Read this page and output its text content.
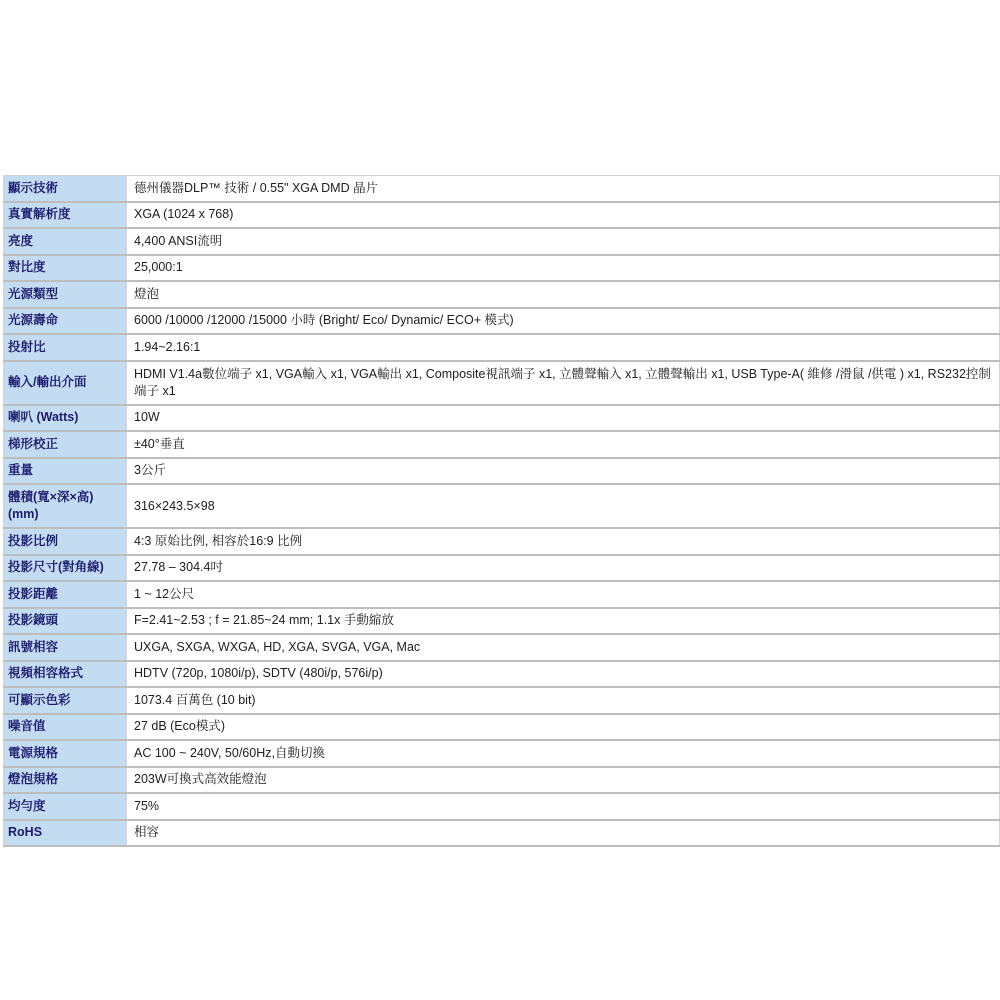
顯示技術	德州儀器DLP™ 技術 / 0.55" XGA DMD 晶片
真實解析度	XGA (1024 x 768)
亮度	4,400 ANSI流明
對比度	25,000:1
光源類型	燈泡
光源壽命	6000 /10000 /12000 /15000 小時 (Bright/ Eco/ Dynamic/ ECO+ 模式)
投射比	1.94~2.16:1
輸入/輸出介面	HDMI V1.4a數位端子 x1, VGA輸入 x1, VGA輸出 x1, Composite視訊端子 x1, 立體聲輸入 x1, 立體聲輸出 x1, USB Type-A( 維修 /滑鼠 /供電 ) x1, RS232控制端子 x1
喇叭 (Watts)	10W
梯形校正	±40°垂直
重量	3公斤
體積(寬×深×高)(mm)	316×243.5×98
投影比例	4:3 原始比例, 相容於16:9 比例
投影尺寸(對角線)	27.78 – 304.4吋
投影距離	1 ~ 12公尺
投影鏡頭	F=2.41~2.53 ; f = 21.85~24 mm; 1.1x 手動縮放
訊號相容	UXGA, SXGA, WXGA, HD, XGA, SVGA, VGA, Mac
視頻相容格式	HDTV (720p, 1080i/p), SDTV (480i/p, 576i/p)
可顯示色彩	1073.4 百萬色 (10 bit)
噪音值	27 dB (Eco模式)
電源規格	AC 100 ~ 240V, 50/60Hz,自動切換
燈泡規格	203W可換式高效能燈泡
均勻度	75%
RoHS	相容
